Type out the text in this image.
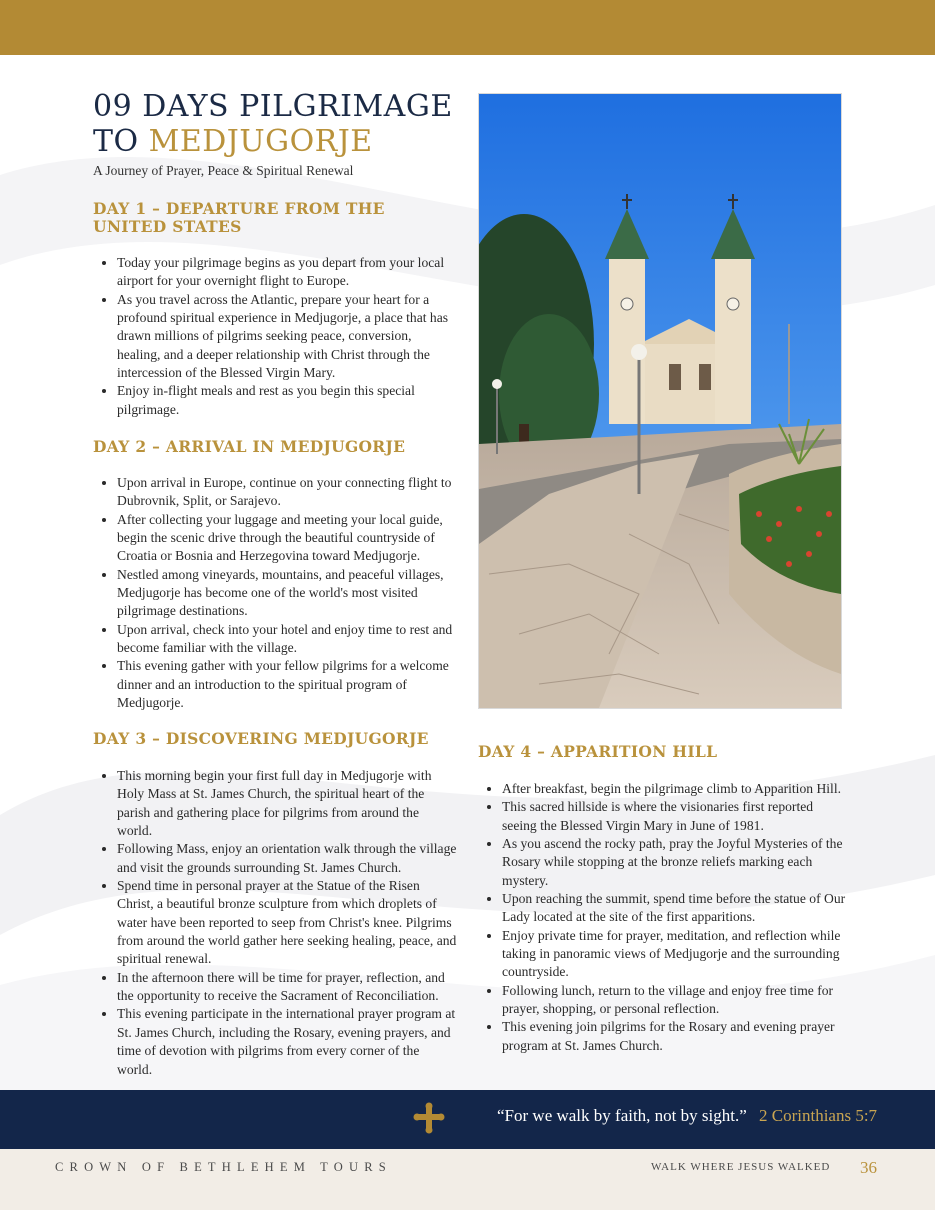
09 DAYS PILGRIMAGE
TO MEDJUGORJE

A Journey of Prayer, Peace & Spiritual Renewal

DAY 1 – DEPARTURE FROM THE UNITED STATES
• Today your pilgrimage begins as you depart from your local airport for your overnight flight to Europe.
• As you travel across the Atlantic, prepare your heart for a profound spiritual experience in Medjugorje, a place that has drawn millions of pilgrims seeking peace, conversion, healing, and a deeper relationship with Christ through the intercession of the Blessed Virgin Mary.
• Enjoy in-flight meals and rest as you begin this special pilgrimage.
DAY 2 – ARRIVAL IN MEDJUGORJE
• Upon arrival in Europe, continue on your connecting flight to Dubrovnik, Split, or Sarajevo.
• After collecting your luggage and meeting your local guide, begin the scenic drive through the beautiful countryside of Croatia or Bosnia and Herzegovina toward Medjugorje.
• Nestled among vineyards, mountains, and peaceful villages, Medjugorje has become one of the world's most visited pilgrimage destinations.
• Upon arrival, check into your hotel and enjoy time to rest and become familiar with the village.
• This evening gather with your fellow pilgrims for a welcome dinner and an introduction to the spiritual program of Medjugorje.
DAY 3 – DISCOVERING MEDJUGORJE
• This morning begin your first full day in Medjugorje with Holy Mass at St. James Church, the spiritual heart of the parish and gathering place for pilgrims from around the world.
• Following Mass, enjoy an orientation walk through the village and visit the grounds surrounding St. James Church.
• Spend time in personal prayer at the Statue of the Risen Christ, a beautiful bronze sculpture from which droplets of water have been reported to seep from Christ's knee. Pilgrims from around the world gather here seeking healing, peace, and spiritual renewal.
• In the afternoon there will be time for prayer, reflection, and the opportunity to receive the Sacrament of Reconciliation.
• This evening participate in the international prayer program at St. James Church, including the Rosary, evening prayers, and time of devotion with pilgrims from every corner of the world.
DAY 4 – APPARITION HILL
• After breakfast, begin the pilgrimage climb to Apparition Hill.
• This sacred hillside is where the visionaries first reported seeing the Blessed Virgin Mary in June of 1981.
• As you ascend the rocky path, pray the Joyful Mysteries of the Rosary while stopping at the bronze reliefs marking each mystery.
• Upon reaching the summit, spend time before the statue of Our Lady located at the site of the first apparitions.
• Enjoy private time for prayer, meditation, and reflection while taking in panoramic views of Medjugorje and the surrounding countryside.
• Following lunch, return to the village and enjoy free time for prayer, shopping, or personal reflection.
• This evening join pilgrims for the Rosary and evening prayer program at St. James Church.
“For we walk by faith, not by sight.” 2 Corinthians 5:7
CROWN OF BETHLEHEM TOURS	WALK WHERE JESUS WALKED 36
